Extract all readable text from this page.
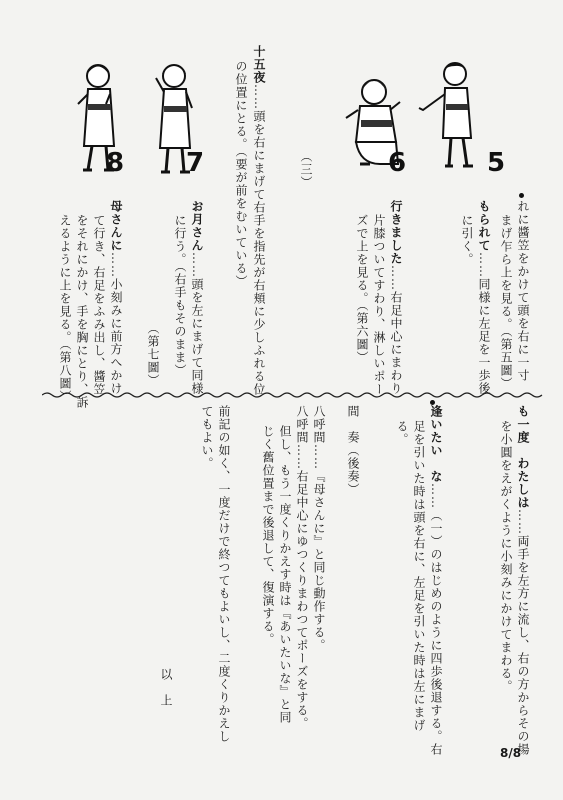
5
6
7
8
れに醬笠をかけて頭を右に一寸
まげ乍ら上を見る。（第五圖）
もられて……同様に左足を一歩後
に引く。
行きました……右足中心にまわり
片膝ついてすわり、淋しいポー
ズで上を見る。（第六圖）
（三）
十五夜……頭を右にまげて右手を指先が右頬に少しふれる位
の位置にとる。（要が前をむいている）
お月さん……頭を左にまげて同様
に行う。（右手もそのまま）
（第七圖）
母さんに……小刻みに前方へかけ
て行き、右足をふみ出し、醬笠
をそれにかけ、手を胸にとり、訴
えるように上を見る。（第八圖）
も一度　わたしは……両手を左方に流し、右の方からその場
を小圓をえがくように小刻みにかけてまわる。
逢いたい　な……（一）のはじめのように四歩後退する。右
足を引いた時は頭を右に、左足を引いた時は左にまげ
る。
間　奏（後奏）
八呼間……『母さんに』と同じ動作する。
八呼間……右足中心にゆつくりまわつてポーズをする。
但し、もう一度くりかえす時は『あいたいな』と同
じく舊位置まで後退して、復演する。
前記の如く、一度だけで終つてもよいし、二度くりかえし
てもよい。
以　上
8/8
